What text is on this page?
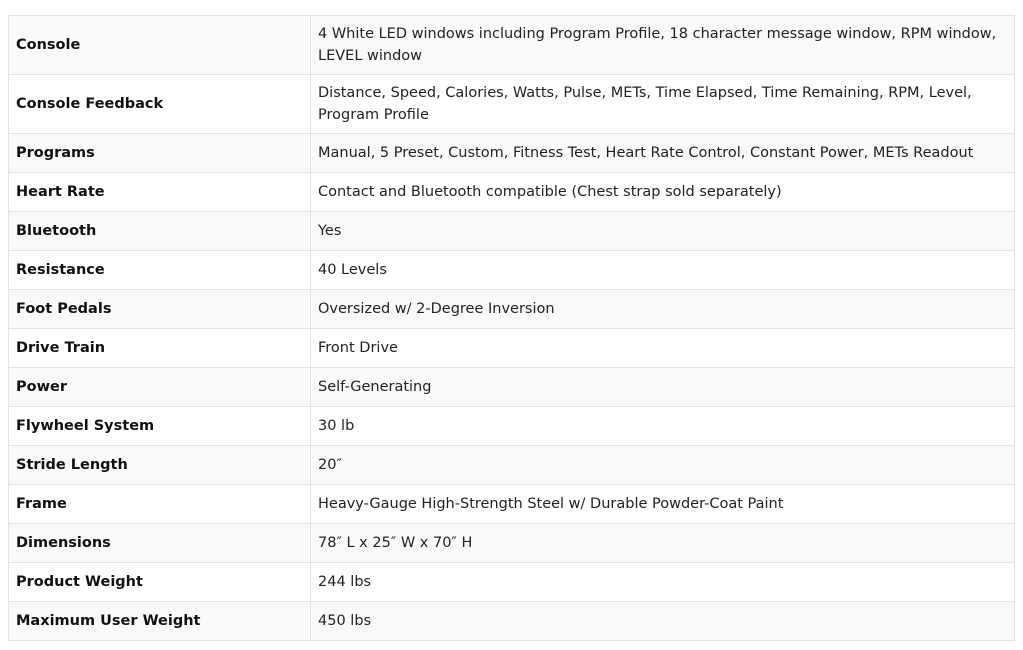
Console	4 White LED windows including Program Profile, 18 character message window, RPM window, LEVEL window
Console Feedback	Distance, Speed, Calories, Watts, Pulse, METs, Time Elapsed, Time Remaining, RPM, Level, Program Profile
Programs	Manual, 5 Preset, Custom, Fitness Test, Heart Rate Control, Constant Power, METs Readout
Heart Rate	Contact and Bluetooth compatible (Chest strap sold separately)
Bluetooth	Yes
Resistance	40 Levels
Foot Pedals	Oversized w/ 2-Degree Inversion
Drive Train	Front Drive
Power	Self-Generating
Flywheel System	30 lb
Stride Length	20″
Frame	Heavy-Gauge High-Strength Steel w/ Durable Powder-Coat Paint
Dimensions	78″ L x 25″ W x 70″ H
Product Weight	244 lbs
Maximum User Weight	450 lbs
